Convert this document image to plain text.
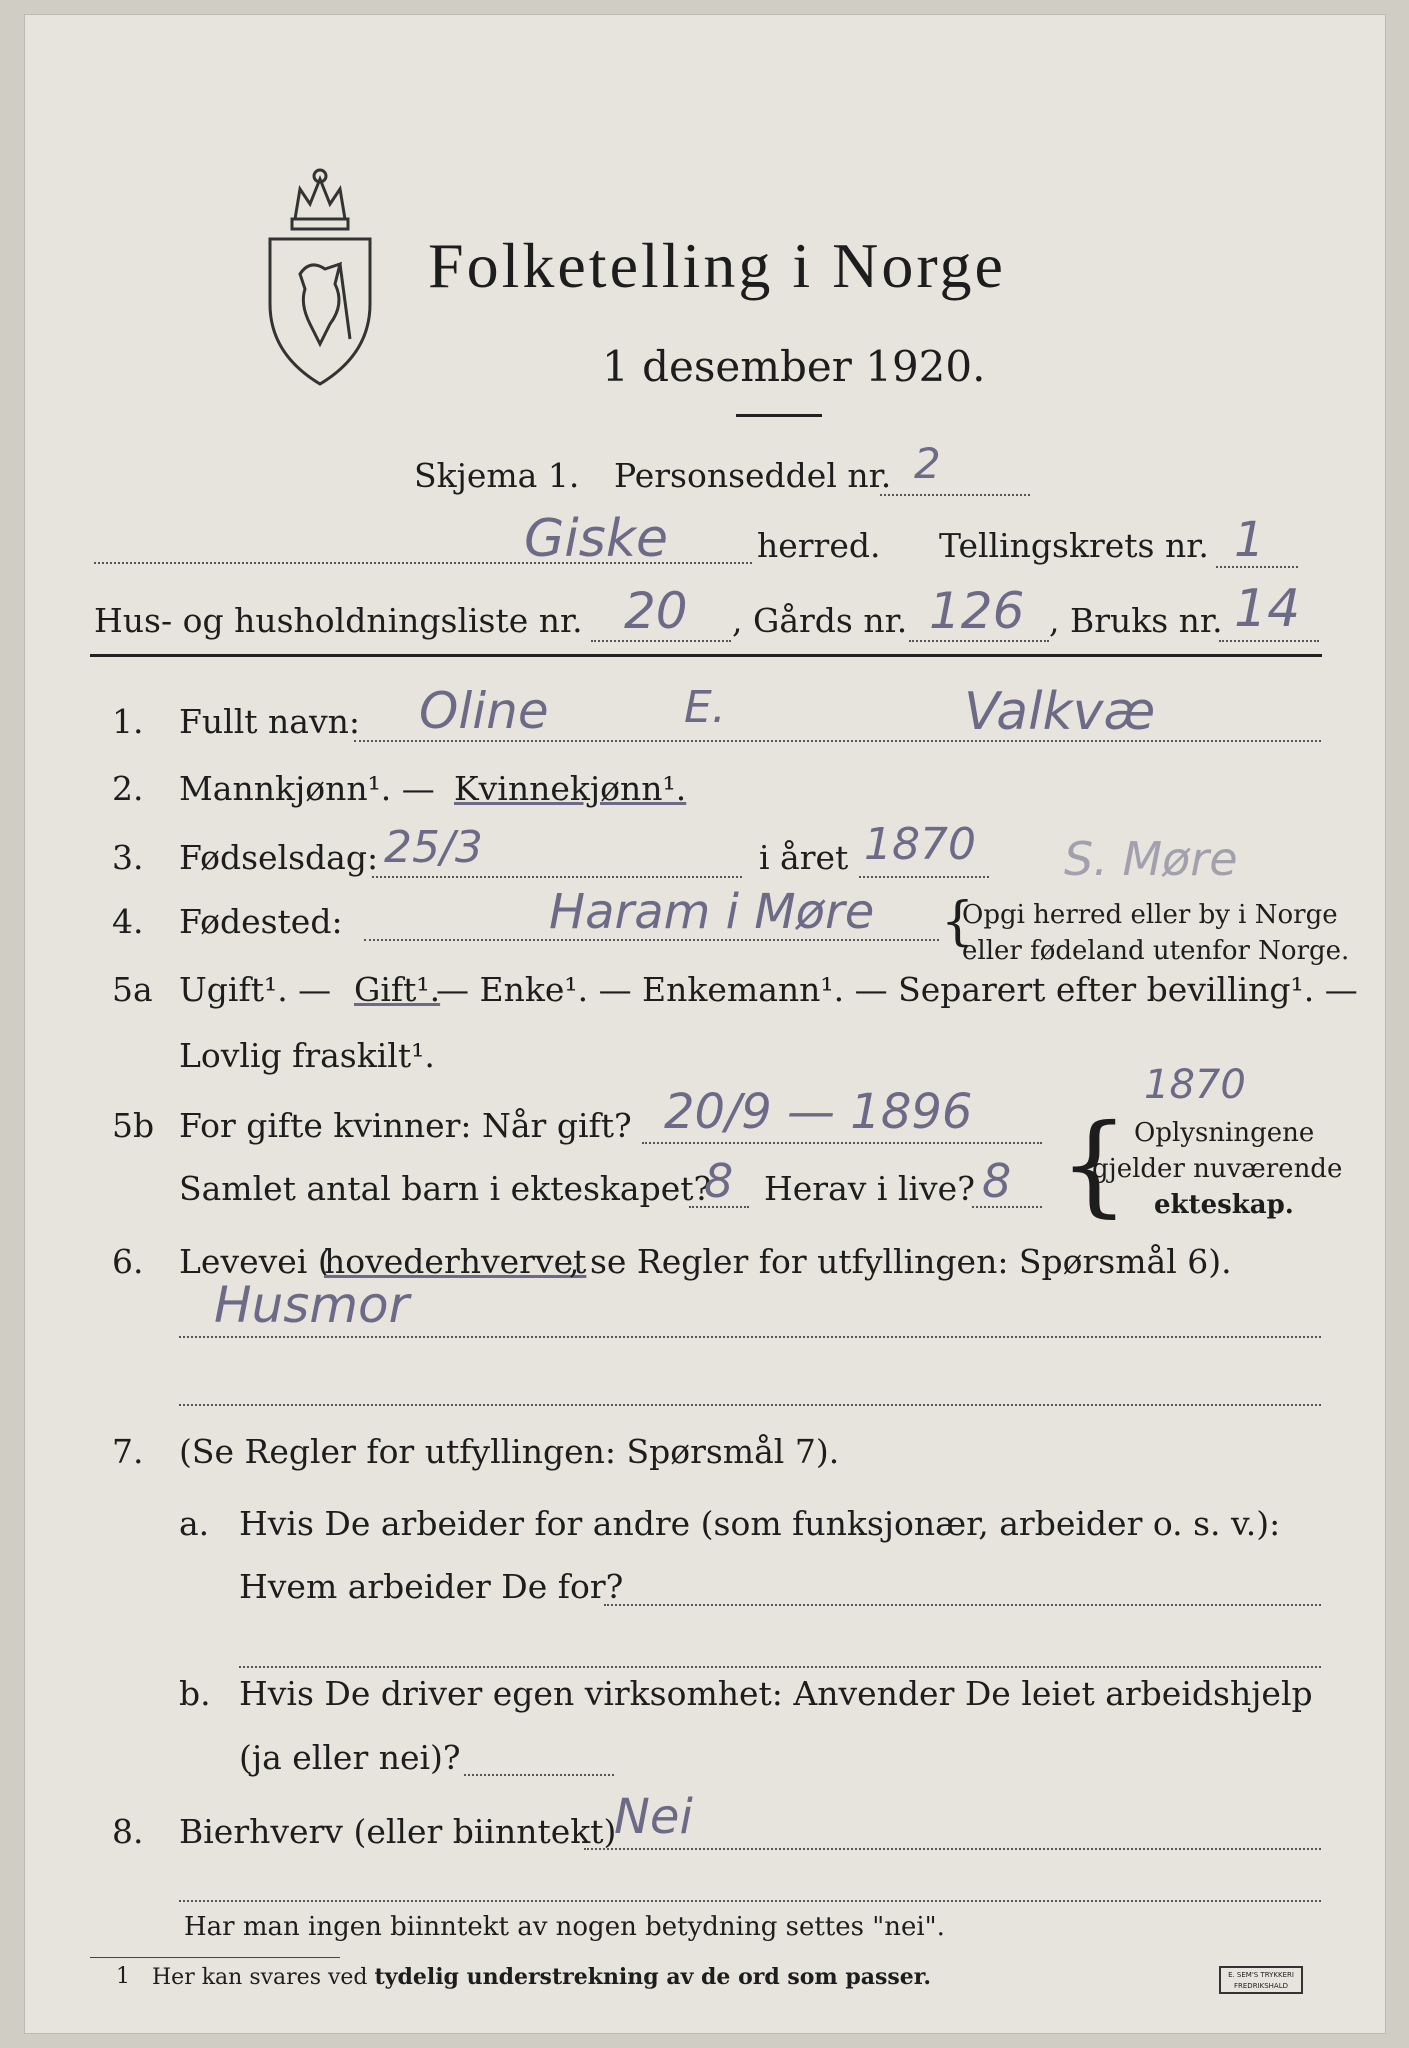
Folketelling i Norge
1 desember 1920.
Skjema 1. Personseddel nr. 2
Giske	herred. Tellingskrets nr. 1
Hus- og husholdningsliste nr. 20 , Gårds nr. 126 , Bruks nr. 14
1. Fullt navn: Oline	E.	Valkvæ
2. Mannkjønn¹. — Kvinnekjønn¹.
3. Fødselsdag: 25/3	i året 1870 S. Møre
4. Fødested:	Haram i Møre {
Opgi herred eller by i Norge
eller fødeland utenfor Norge.
5a Ugift¹. — Gift¹.
— Enke¹. — Enkemann¹. — Separert efter bevilling¹. —
Lovlig fraskilt¹.
5b For gifte kvinner: Når gift? 20/9 — 1896	1870
Samlet antal barn i ekteskapet?
8 Herav i live? 8 { Oplysningene
gjelder nuværende
ekteskap.
6. Levevei (
hovederhvervet
, se Regler for utfyllingen: Spørsmål 6).
Husmor
7. (Se Regler for utfyllingen: Spørsmål 7).
a. Hvis De arbeider for andre (som funksjonær, arbeider o. s. v.):
Hvem arbeider De for?
b. Hvis De driver egen virksomhet: Anvender De leiet arbeidshjelp
(ja eller nei)?
8. Bierhverv (eller biinntekt)
Nei
Har man ingen biinntekt av nogen betydning settes "nei".
1 Her kan svares ved tydelig understrekning av de ord som passer.	E. SEM'S TRYKKERI
FREDRIKSHALD
